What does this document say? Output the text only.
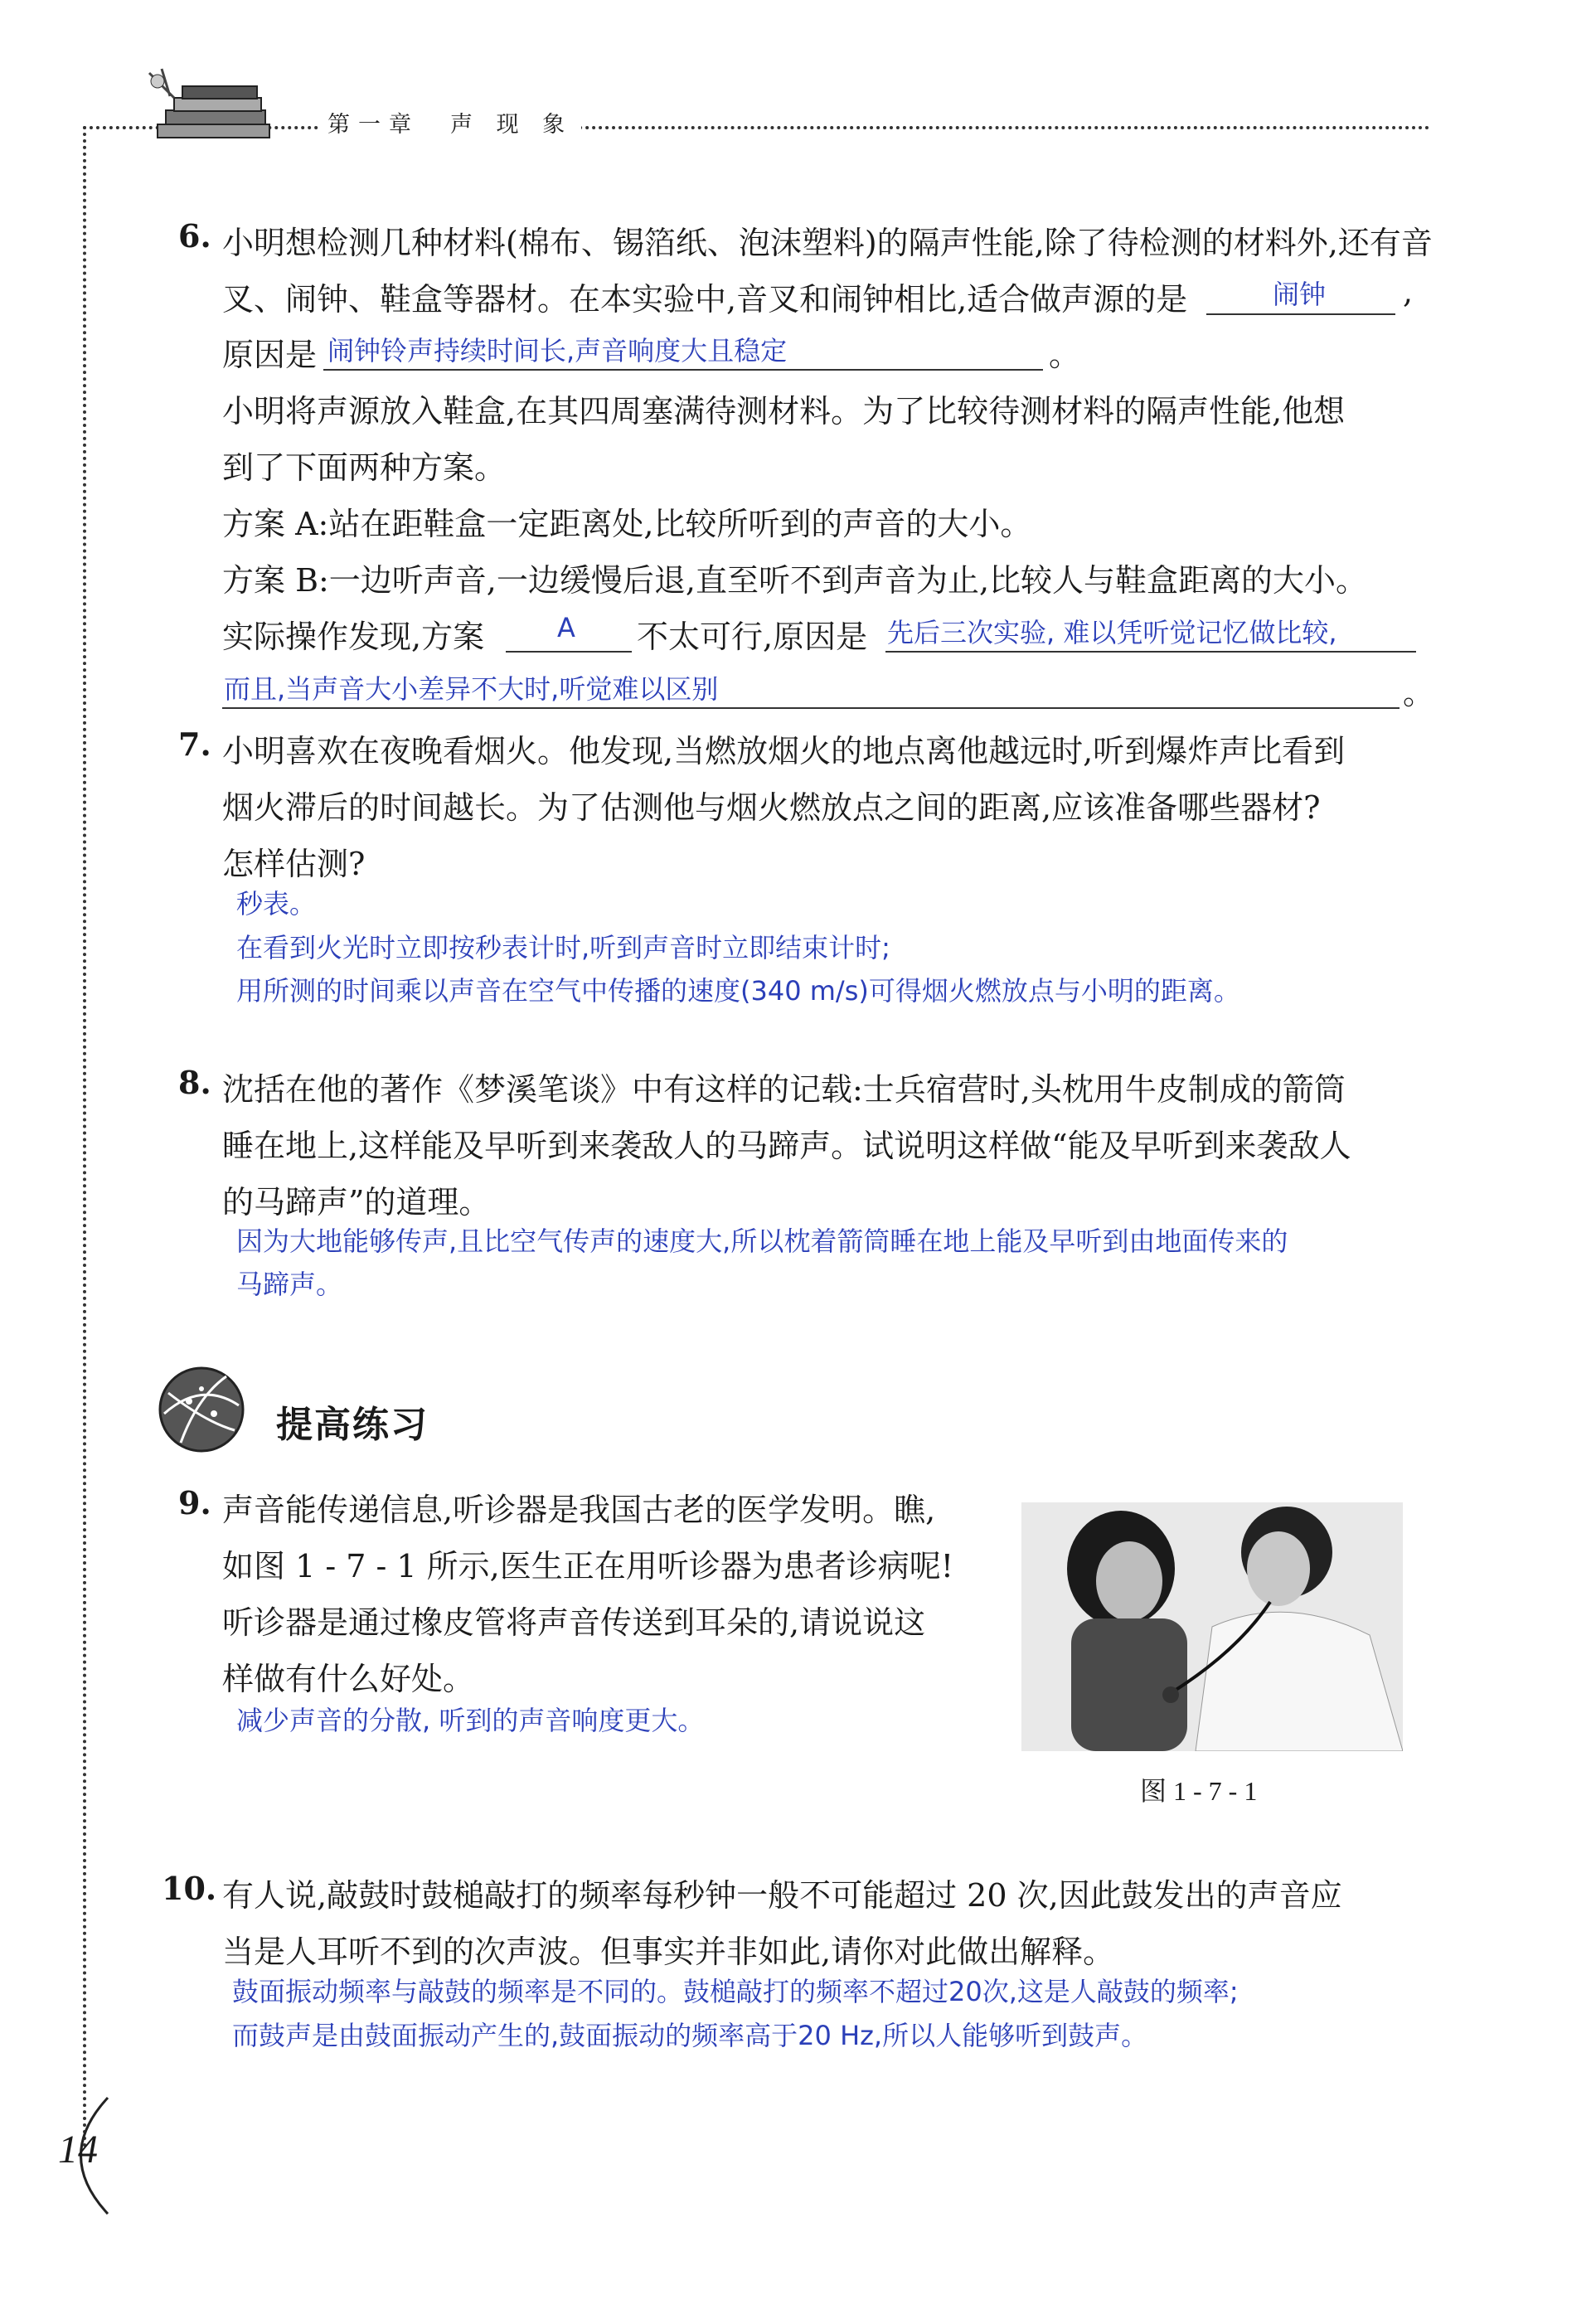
第一章　声 现 象
6. 小明想检测几种材料(棉布、锡箔纸、泡沫塑料)的隔声性能,除了待检测的材料外,还有音
叉、闹钟、鞋盒等器材。在本实验中,音叉和闹钟相比,适合做声源的是	闹钟 ,
原因是 闹钟铃声持续时间长,声音响度大且稳定	。
小明将声源放入鞋盒,在其四周塞满待测材料。为了比较待测材料的隔声性能,他想
到了下面两种方案。
方案 A:站在距鞋盒一定距离处,比较所听到的声音的大小。
方案 B:一边听声音,一边缓慢后退,直至听不到声音为止,比较人与鞋盒距离的大小。
实际操作发现,方案	A 不太可行,原因是 先后三次实验, 难以凭听觉记忆做比较,
而且,当声音大小差异不大时,听觉难以区别	。
7. 小明喜欢在夜晚看烟火。他发现,当燃放烟火的地点离他越远时,听到爆炸声比看到
烟火滞后的时间越长。为了估测他与烟火燃放点之间的距离,应该准备哪些器材?
怎样估测?
秒表。
在看到火光时立即按秒表计时,听到声音时立即结束计时;
用所测的时间乘以声音在空气中传播的速度(340 m/s)可得烟火燃放点与小明的距离。
8. 沈括在他的著作《梦溪笔谈》中有这样的记载:士兵宿营时,头枕用牛皮制成的箭筒
睡在地上,这样能及早听到来袭敌人的马蹄声。试说明这样做“能及早听到来袭敌人
的马蹄声”的道理。
因为大地能够传声,且比空气传声的速度大,所以枕着箭筒睡在地上能及早听到由地面传来的
马蹄声。
提高练习
9. 声音能传递信息,听诊器是我国古老的医学发明。瞧,
如图 1 - 7 - 1 所示,医生正在用听诊器为患者诊病呢!
听诊器是通过橡皮管将声音传送到耳朵的,请说说这
样做有什么好处。
减少声音的分散, 听到的声音响度更大。
图 1 - 7 - 1
10. 有人说,敲鼓时鼓槌敲打的频率每秒钟一般不可能超过 20 次,因此鼓发出的声音应
当是人耳听不到的次声波。但事实并非如此,请你对此做出解释。
鼓面振动频率与敲鼓的频率是不同的。鼓槌敲打的频率不超过20次,这是人敲鼓的频率;
而鼓声是由鼓面振动产生的,鼓面振动的频率高于20 Hz,所以人能够听到鼓声。
14
